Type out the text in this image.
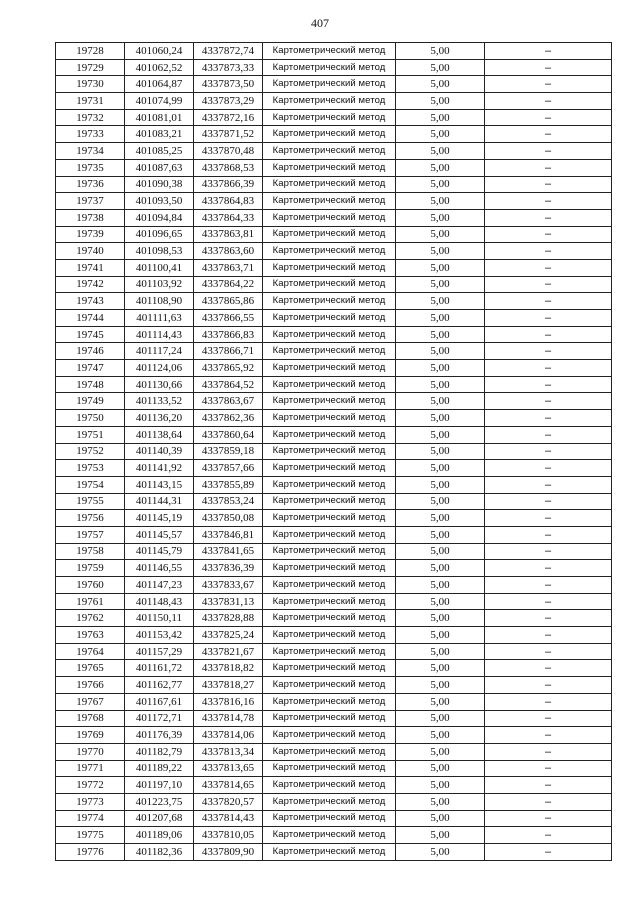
407
19728	401060,24	4337872,74	Картометрический метод	5,00	–
19729	401062,52	4337873,33	Картометрический метод	5,00	–
19730	401064,87	4337873,50	Картометрический метод	5,00	–
19731	401074,99	4337873,29	Картометрический метод	5,00	–
19732	401081,01	4337872,16	Картометрический метод	5,00	–
19733	401083,21	4337871,52	Картометрический метод	5,00	–
19734	401085,25	4337870,48	Картометрический метод	5,00	–
19735	401087,63	4337868,53	Картометрический метод	5,00	–
19736	401090,38	4337866,39	Картометрический метод	5,00	–
19737	401093,50	4337864,83	Картометрический метод	5,00	–
19738	401094,84	4337864,33	Картометрический метод	5,00	–
19739	401096,65	4337863,81	Картометрический метод	5,00	–
19740	401098,53	4337863,60	Картометрический метод	5,00	–
19741	401100,41	4337863,71	Картометрический метод	5,00	–
19742	401103,92	4337864,22	Картометрический метод	5,00	–
19743	401108,90	4337865,86	Картометрический метод	5,00	–
19744	401111,63	4337866,55	Картометрический метод	5,00	–
19745	401114,43	4337866,83	Картометрический метод	5,00	–
19746	401117,24	4337866,71	Картометрический метод	5,00	–
19747	401124,06	4337865,92	Картометрический метод	5,00	–
19748	401130,66	4337864,52	Картометрический метод	5,00	–
19749	401133,52	4337863,67	Картометрический метод	5,00	–
19750	401136,20	4337862,36	Картометрический метод	5,00	–
19751	401138,64	4337860,64	Картометрический метод	5,00	–
19752	401140,39	4337859,18	Картометрический метод	5,00	–
19753	401141,92	4337857,66	Картометрический метод	5,00	–
19754	401143,15	4337855,89	Картометрический метод	5,00	–
19755	401144,31	4337853,24	Картометрический метод	5,00	–
19756	401145,19	4337850,08	Картометрический метод	5,00	–
19757	401145,57	4337846,81	Картометрический метод	5,00	–
19758	401145,79	4337841,65	Картометрический метод	5,00	–
19759	401146,55	4337836,39	Картометрический метод	5,00	–
19760	401147,23	4337833,67	Картометрический метод	5,00	–
19761	401148,43	4337831,13	Картометрический метод	5,00	–
19762	401150,11	4337828,88	Картометрический метод	5,00	–
19763	401153,42	4337825,24	Картометрический метод	5,00	–
19764	401157,29	4337821,67	Картометрический метод	5,00	–
19765	401161,72	4337818,82	Картометрический метод	5,00	–
19766	401162,77	4337818,27	Картометрический метод	5,00	–
19767	401167,61	4337816,16	Картометрический метод	5,00	–
19768	401172,71	4337814,78	Картометрический метод	5,00	–
19769	401176,39	4337814,06	Картометрический метод	5,00	–
19770	401182,79	4337813,34	Картометрический метод	5,00	–
19771	401189,22	4337813,65	Картометрический метод	5,00	–
19772	401197,10	4337814,65	Картометрический метод	5,00	–
19773	401223,75	4337820,57	Картометрический метод	5,00	–
19774	401207,68	4337814,43	Картометрический метод	5,00	–
19775	401189,06	4337810,05	Картометрический метод	5,00	–
19776	401182,36	4337809,90	Картометрический метод	5,00	–
